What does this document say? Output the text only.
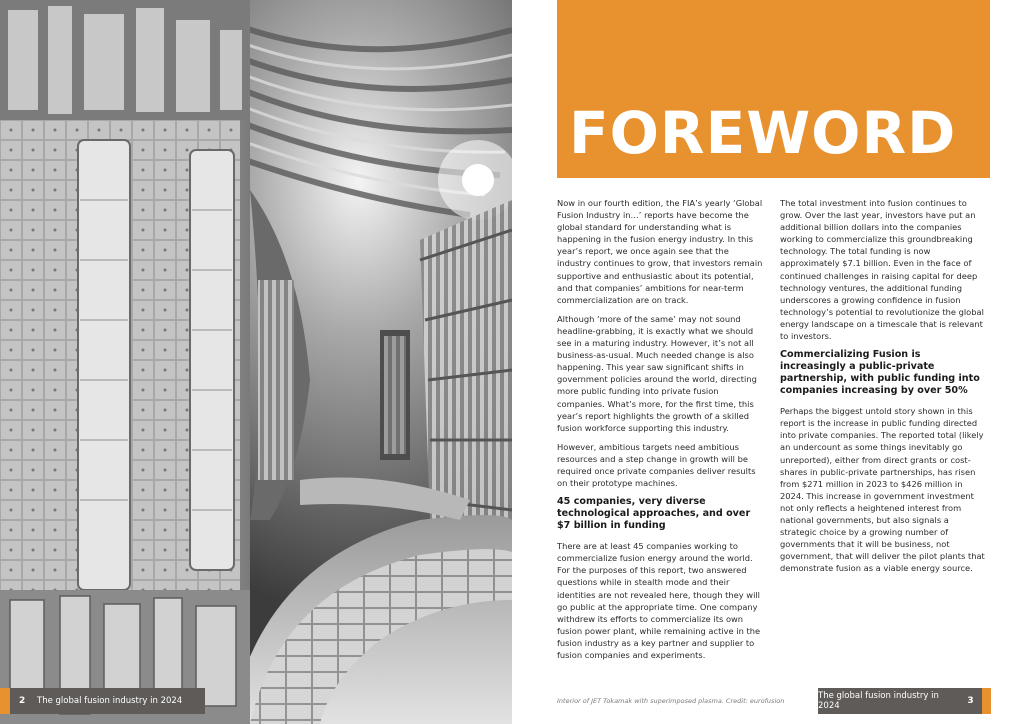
2	The global fusion industry in 2024
FOREWORD

Now in our fourth edition, the FIA’s yearly ‘Global Fusion Industry in…’ reports have become the global standard for understanding what is happening in the fusion energy industry. In this year’s report, we once again see that the industry continues to grow, that investors remain supportive and enthusiastic about its potential, and that companies’ ambitions for near-term commercialization are on track.

Although ‘more of the same’ may not sound headline-grabbing, it is exactly what we should see in a maturing industry. However, it’s not all business-as-usual. Much needed change is also happening. This year saw significant shifts in government policies around the world, directing more public funding into private fusion companies. What’s more, for the first time, this year’s report highlights the growth of a skilled fusion workforce supporting this industry.

However, ambitious targets need ambitious resources and a step change in growth will be required once private companies deliver results on their prototype machines.

45 companies, very diverse technological approaches, and over $7 billion in funding

There are at least 45 companies working to commercialize fusion energy around the world. For the purposes of this report, two answered questions while in stealth mode and their identities are not revealed here, though they will go public at the appropriate time. One company withdrew its efforts to commercialize its own fusion power plant, while remaining active in the fusion industry as a key partner and supplier to fusion companies and experiments.

The total investment into fusion continues to grow. Over the last year, investors have put an additional billion dollars into the companies working to commercialize this groundbreaking technology. The total funding is now approximately $7.1 billion. Even in the face of continued challenges in raising capital for deep technology ventures, the additional funding underscores a growing confidence in fusion technology’s potential to revolutionize the global energy landscape on a timescale that is relevant to investors.

Commercializing Fusion is increasingly a public-private partnership, with public funding into companies increasing by over 50%

Perhaps the biggest untold story shown in this report is the increase in public funding directed into private companies. The reported total (likely an undercount as some things inevitably go unreported), either from direct grants or cost-shares in public-private partnerships, has risen from $271 million in 2023 to $426 million in 2024. This increase in government investment not only reflects a heightened interest from national governments, but also signals a strategic choice by a growing number of governments that it will be business, not government, that will deliver the pilot plants that demonstrate fusion as a viable energy source.

Interior of JET Tokamak with superimposed plasma. Credit: eurofusion	The global fusion industry in 2024	3
